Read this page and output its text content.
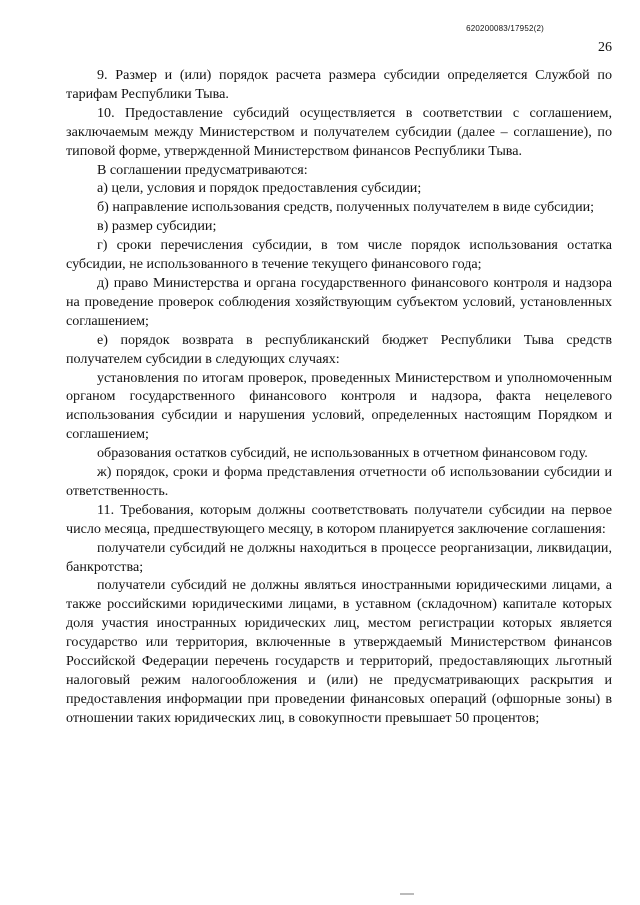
620200083/17952(2)
26

9. Размер и (или) порядок расчета размера субсидии определяется Службой по тарифам Республики Тыва.

10. Предоставление субсидий осуществляется в соответствии с соглашением, заключаемым между Министерством и получателем субсидии (далее – соглашение), по типовой форме, утвержденной Министерством финансов Республики Тыва.

В соглашении предусматриваются:

а) цели, условия и порядок предоставления субсидии;

б) направление использования средств, полученных получателем в виде субсидии;

в) размер субсидии;

г) сроки перечисления субсидии, в том числе порядок использования остатка субсидии, не использованного в течение текущего финансового года;

д) право Министерства и органа государственного финансового контроля и надзора на проведение проверок соблюдения хозяйствующим субъектом условий, установленных соглашением;

е) порядок возврата в республиканский бюджет Республики Тыва средств получателем субсидии в следующих случаях:

установления по итогам проверок, проведенных Министерством и уполномоченным органом государственного финансового контроля и надзора, факта нецелевого использования субсидии и нарушения условий, определенных настоящим Порядком и соглашением;

образования остатков субсидий, не использованных в отчетном финансовом году.

ж) порядок, сроки и форма представления отчетности об использовании субсидии и ответственность.

11. Требования, которым должны соответствовать получатели субсидии на первое число месяца, предшествующего месяцу, в котором планируется заключение соглашения:

получатели субсидий не должны находиться в процессе реорганизации, ликвидации, банкротства;

получатели субсидий не должны являться иностранными юридическими лицами, а также российскими юридическими лицами, в уставном (складочном) капитале которых доля участия иностранных юридических лиц, местом регистрации которых является государство или территория, включенные в утверждаемый Министерством финансов Российской Федерации перечень государств и территорий, предоставляющих льготный налоговый режим налогообложения и (или) не предусматривающих раскрытия и предоставления информации при проведении финансовых операций (офшорные зоны) в отношении таких юридических лиц, в совокупности превышает 50 процентов;
